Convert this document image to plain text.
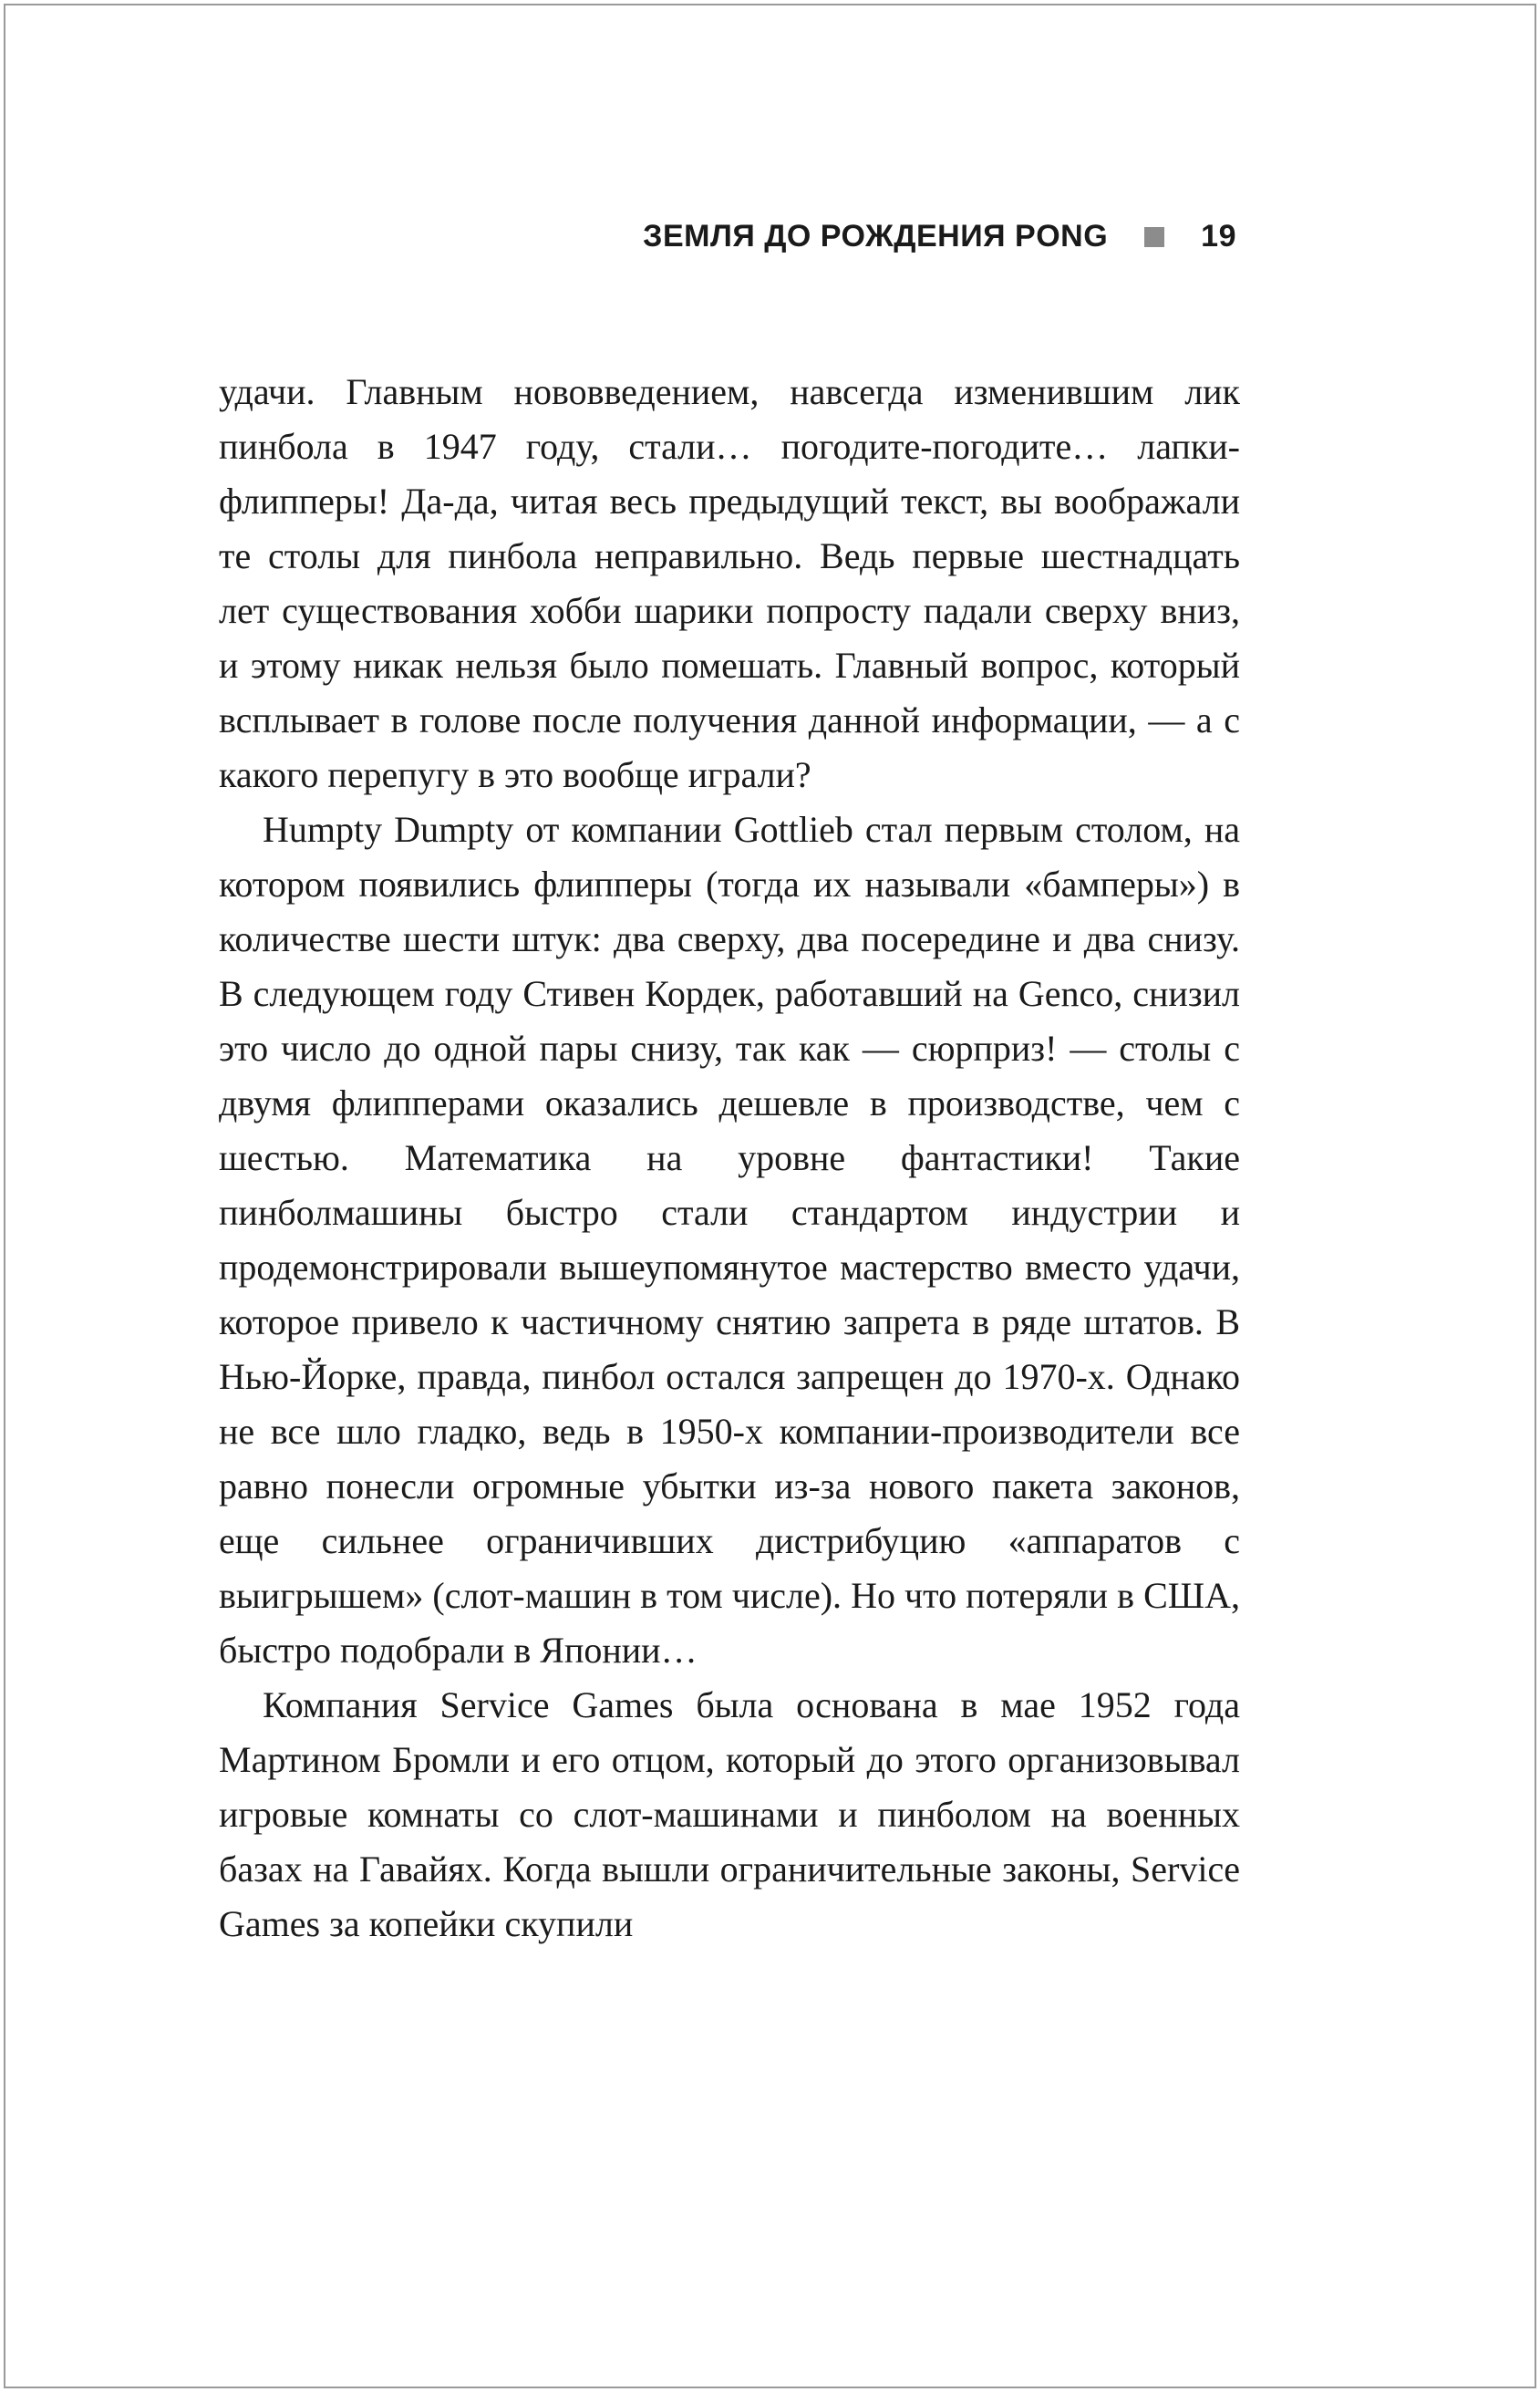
ЗЕМЛЯ ДО РОЖДЕНИЯ PONG	19

удачи. Главным нововведением, навсегда изменившим лик пинбола в 1947 году, стали… погодите-погодите… лапки-флипперы! Да-да, читая весь предыдущий текст, вы воображали те столы для пинбола неправильно. Ведь первые шестнадцать лет существования хобби шарики попросту падали сверху вниз, и этому никак нельзя было помешать. Главный вопрос, который всплывает в голове после получения данной информации, — а с какого перепугу в это вообще играли?

Humpty Dumpty от компании Gottlieb стал первым столом, на котором появились флипперы (тогда их называли «бамперы») в количестве шести штук: два сверху, два посередине и два снизу. В следующем году Стивен Кордек, работавший на Genco, снизил это число до одной пары снизу, так как — сюрприз! — столы с двумя флипперами оказались дешевле в производстве, чем с шестью. Математика на уровне фантастики! Такие пинболмашины быстро стали стандартом индустрии и продемонстрировали вышеупомянутое мастерство вместо удачи, которое привело к частичному снятию запрета в ряде штатов. В Нью-Йорке, правда, пинбол остался запрещен до 1970-х. Однако не все шло гладко, ведь в 1950-х компании-производители все равно понесли огромные убытки из-за нового пакета законов, еще сильнее ограничивших дистрибуцию «аппаратов с выигрышем» (слот-машин в том числе). Но что потеряли в США, быстро подобрали в Японии…

Компания Service Games была основана в мае 1952 года Мартином Бромли и его отцом, который до этого организовывал игровые комнаты со слот-машинами и пинболом на военных базах на Гавайях. Когда вышли ограничительные законы, Service Games за копейки скупили
